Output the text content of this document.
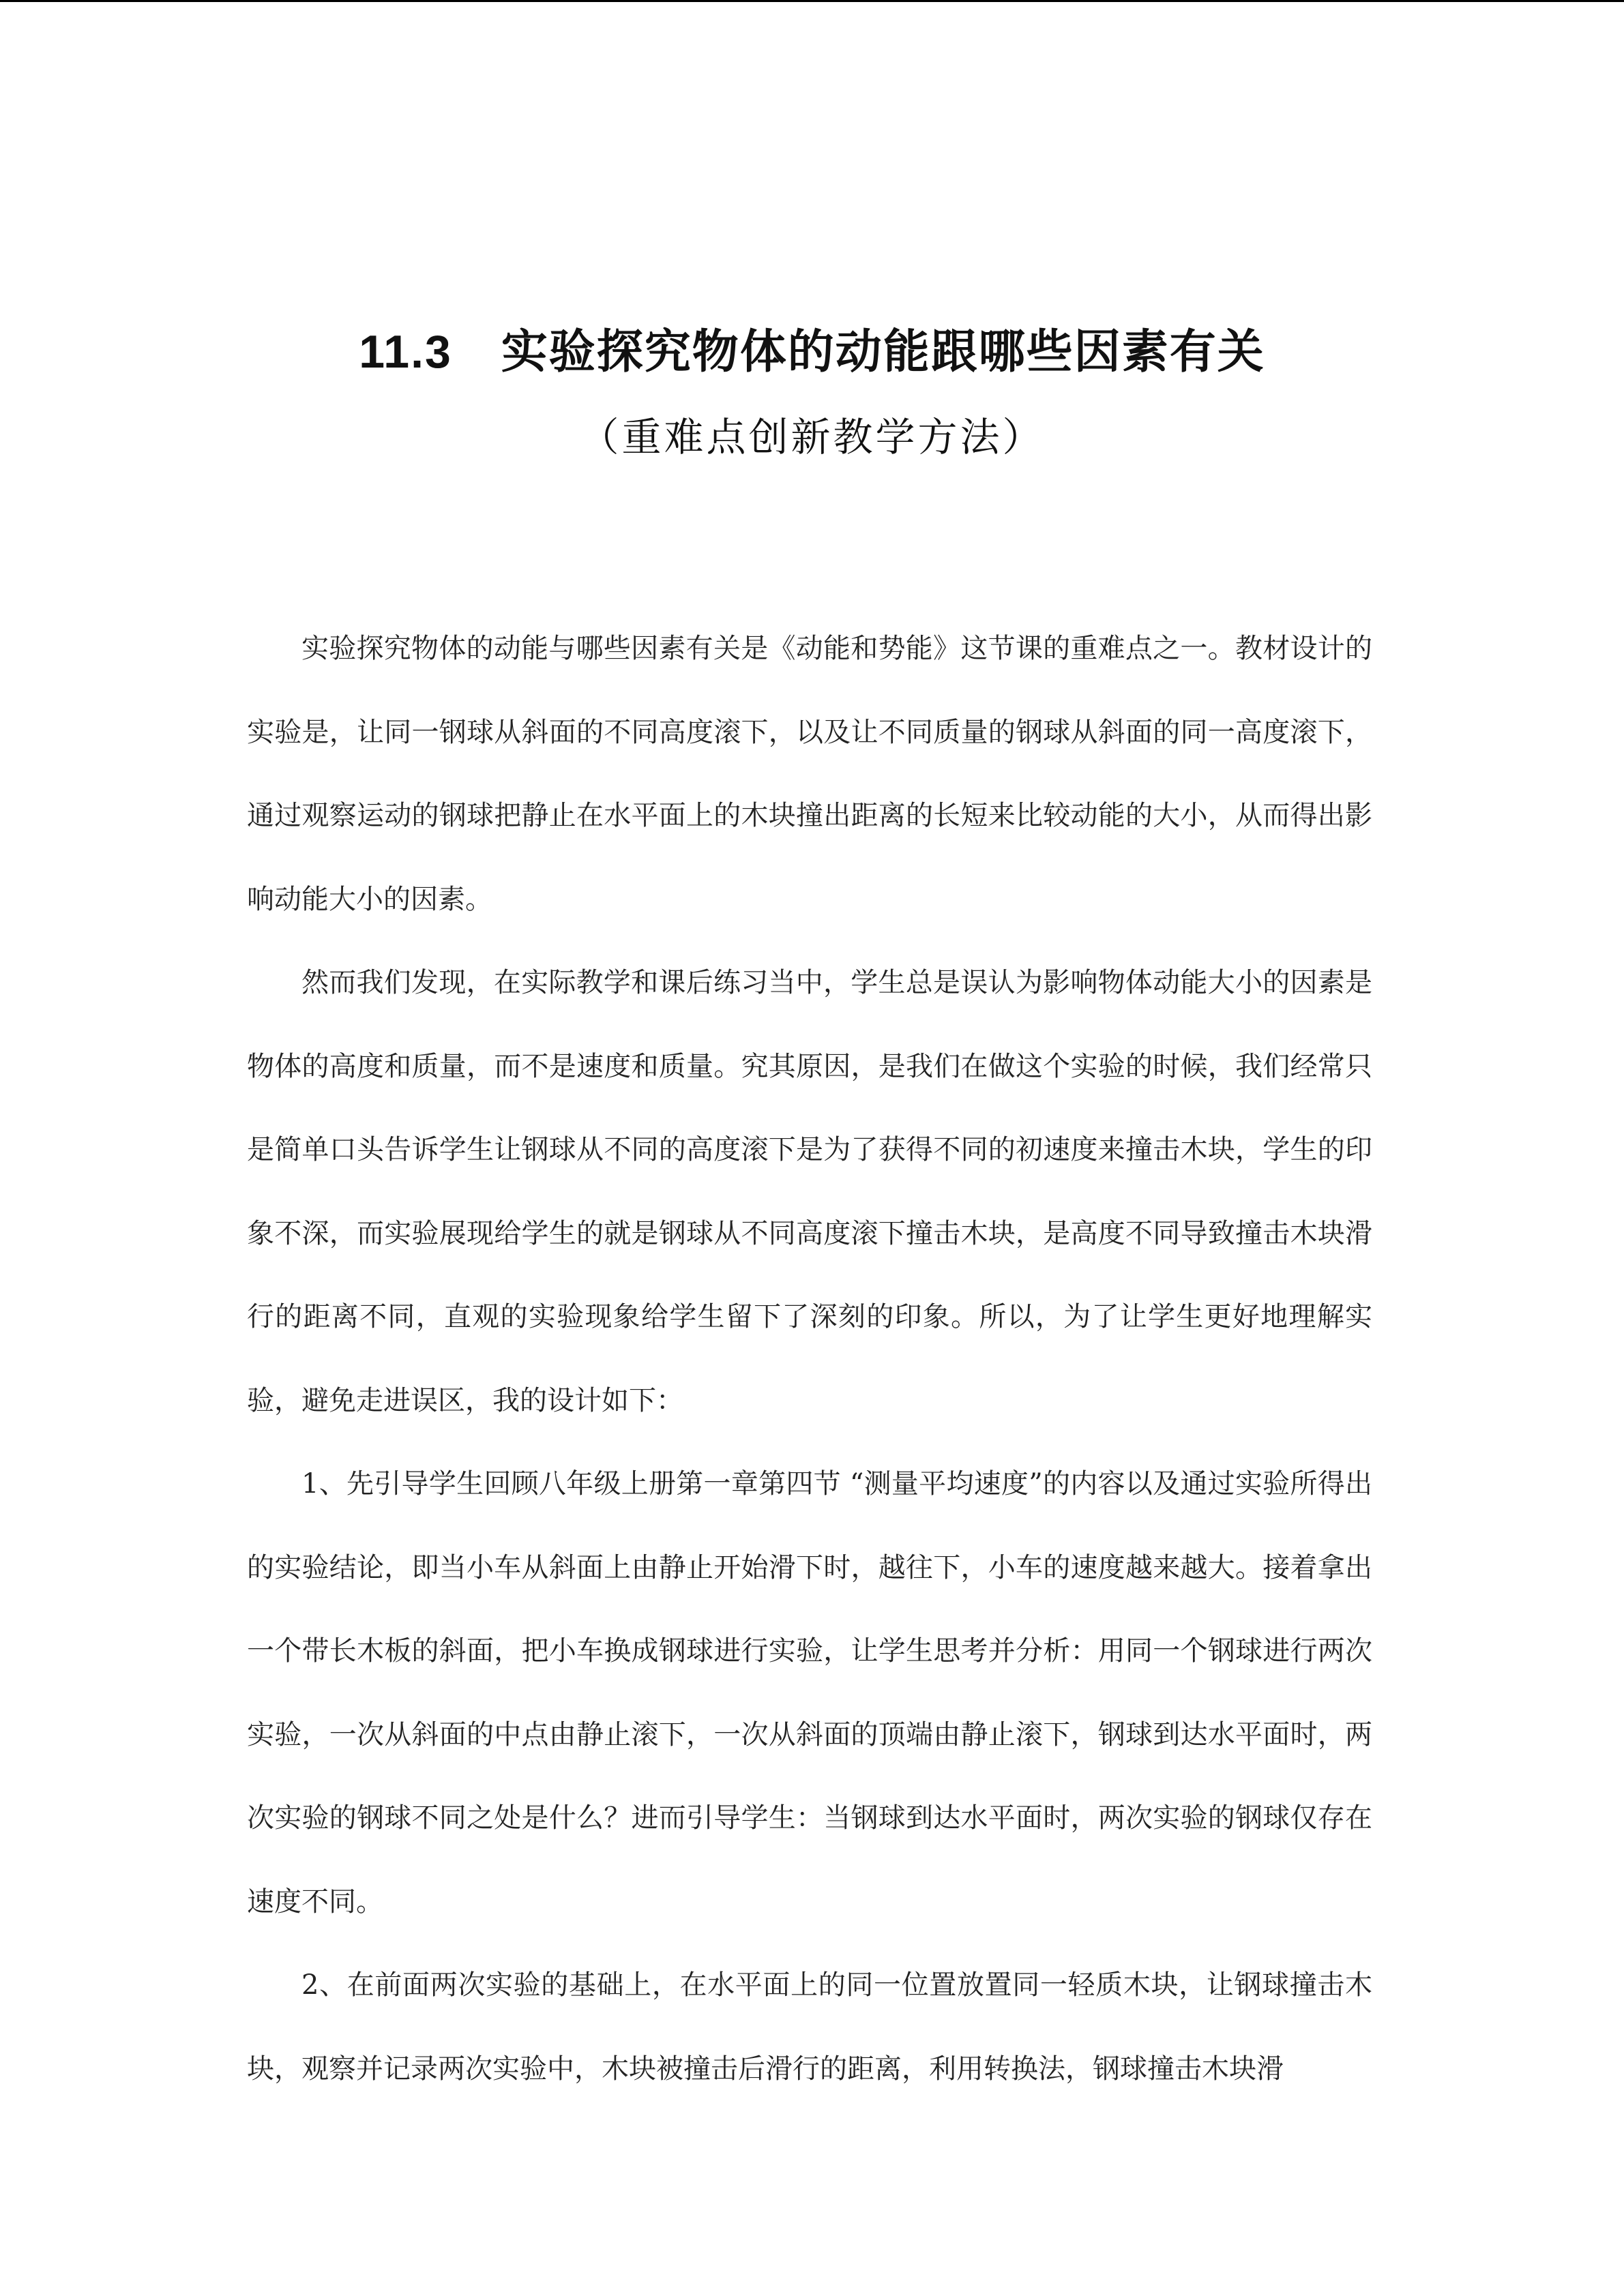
11.3 实验探究物体的动能跟哪些因素有关
（重难点创新教学方法）

实验探究物体的动能与哪些因素有关是《动能和势能》这节课的重难点之一。教材设计的实验是，让同一钢球从斜面的不同高度滚下，以及让不同质量的钢球从斜面的同一高度滚下，通过观察运动的钢球把静止在水平面上的木块撞出距离的长短来比较动能的大小，从而得出影响动能大小的因素。

然而我们发现，在实际教学和课后练习当中，学生总是误认为影响物体动能大小的因素是物体的高度和质量，而不是速度和质量。究其原因，是我们在做这个实验的时候，我们经常只是简单口头告诉学生让钢球从不同的高度滚下是为了获得不同的初速度来撞击木块，学生的印象不深，而实验展现给学生的就是钢球从不同高度滚下撞击木块，是高度不同导致撞击木块滑行的距离不同，直观的实验现象给学生留下了深刻的印象。所以，为了让学生更好地理解实验，避免走进误区，我的设计如下：

1、先引导学生回顾八年级上册第一章第四节 “测量平均速度”的内容以及通过实验所得出的实验结论，即当小车从斜面上由静止开始滑下时，越往下，小车的速度越来越大。接着拿出一个带长木板的斜面，把小车换成钢球进行实验，让学生思考并分析：用同一个钢球进行两次实验，一次从斜面的中点由静止滚下，一次从斜面的顶端由静止滚下，钢球到达水平面时，两次实验的钢球不同之处是什么？进而引导学生：当钢球到达水平面时，两次实验的钢球仅存在速度不同。

2、在前面两次实验的基础上，在水平面上的同一位置放置同一轻质木块，让钢球撞击木块，观察并记录两次实验中，木块被撞击后滑行的距离，利用转换法，钢球撞击木块滑
